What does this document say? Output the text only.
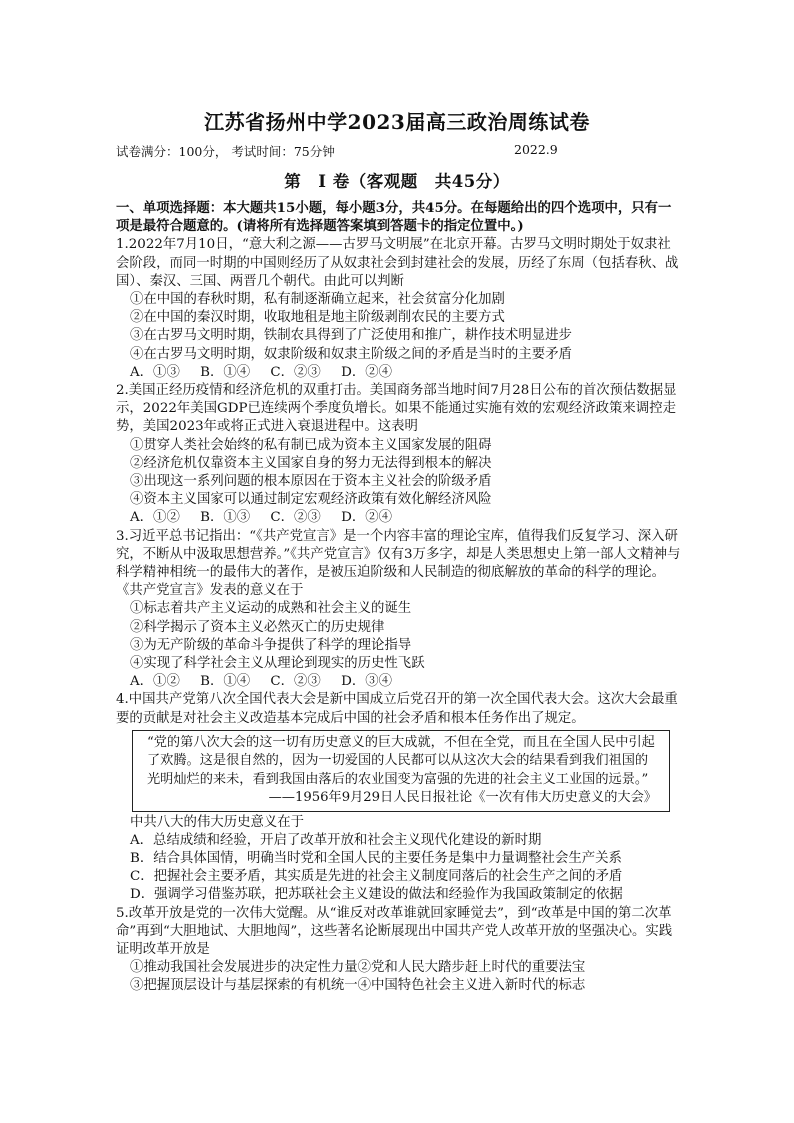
江苏省扬州中学2023届高三政治周练试卷
试卷满分：100分， 考试时间：75分钟	2022.9
第　Ⅰ 卷（客观题　共45分）
一、单项选择题：本大题共15小题，每小题3分，共45分。在每题给出的四个选项中，只有一项是最符合题意的。(请将所有选择题答案填到答题卡的指定位置中。)
1.2022年7月10日，“意大利之源——古罗马文明展”在北京开幕。古罗马文明时期处于奴隶社会阶段，而同一时期的中国则经历了从奴隶社会到封建社会的发展，历经了东周（包括春秋、战国）、秦汉、三国、两晋几个朝代。由此可以判断
①在中国的春秋时期，私有制逐渐确立起来，社会贫富分化加剧
②在中国的秦汉时期，收取地租是地主阶级剥削农民的主要方式
③在古罗马文明时期，铁制农具得到了广泛使用和推广，耕作技术明显进步
④在古罗马文明时期，奴隶阶级和奴隶主阶级之间的矛盾是当时的主要矛盾
A．①③ B．①④ C．②③ D．②④
2.美国正经历疫情和经济危机的双重打击。美国商务部当地时间7月28日公布的首次预估数据显示，2022年美国GDP已连续两个季度负增长。如果不能通过实施有效的宏观经济政策来调控走势，美国2023年或将正式进入衰退进程中。这表明
①贯穿人类社会始终的私有制已成为资本主义国家发展的阻碍
②经济危机仅靠资本主义国家自身的努力无法得到根本的解决
③出现这一系列问题的根本原因在于资本主义社会的阶级矛盾
④资本主义国家可以通过制定宏观经济政策有效化解经济风险
A．①② B．①③ C．②③ D．②④
3.习近平总书记指出：“《共产党宣言》是一个内容丰富的理论宝库，值得我们反复学习、深入研究，不断从中汲取思想营养。”《共产党宣言》仅有3万多字，却是人类思想史上第一部人文精神与科学精神相统一的最伟大的著作，是被压迫阶级和人民制造的彻底解放的革命的科学的理论。《共产党宣言》发表的意义在于
①标志着共产主义运动的成熟和社会主义的诞生
②科学揭示了资本主义必然灭亡的历史规律
③为无产阶级的革命斗争提供了科学的理论指导
④实现了科学社会主义从理论到现实的历史性飞跃
A．①② B．①④ C．②③ D．③④
4.中国共产党第八次全国代表大会是新中国成立后党召开的第一次全国代表大会。这次大会最重要的贡献是对社会主义改造基本完成后中国的社会矛盾和根本任务作出了规定。
“党的第八次大会的这一切有历史意义的巨大成就，不但在全党，而且在全国人民中引起了欢腾。这是很自然的，因为一切爱国的人民都可以从这次大会的结果看到我们祖国的光明灿烂的来未，看到我国由落后的农业国变为富强的先进的社会主义工业国的远景。”
——1956年9月29日人民日报社论《一次有伟大历史意义的大会》
中共八大的伟大历史意义在于
A．总结成绩和经验，开启了改革开放和社会主义现代化建设的新时期
B．结合具体国情，明确当时党和全国人民的主要任务是集中力量调整社会生产关系
C．把握社会主要矛盾，其实质是先进的社会主义制度同落后的社会生产之间的矛盾
D．强调学习借鉴苏联，把苏联社会主义建设的做法和经验作为我国政策制定的依据
5.改革开放是党的一次伟大觉醒。从“谁反对改革谁就回家睡觉去”，到“改革是中国的第二次革命”再到“大胆地试、大胆地闯”，这些著名论断展现出中国共产党人改革开放的坚强决心。实践证明改革开放是
①推动我国社会发展进步的决定性力量②党和人民大踏步赶上时代的重要法宝
③把握顶层设计与基层探索的有机统一④中国特色社会主义进入新时代的标志
